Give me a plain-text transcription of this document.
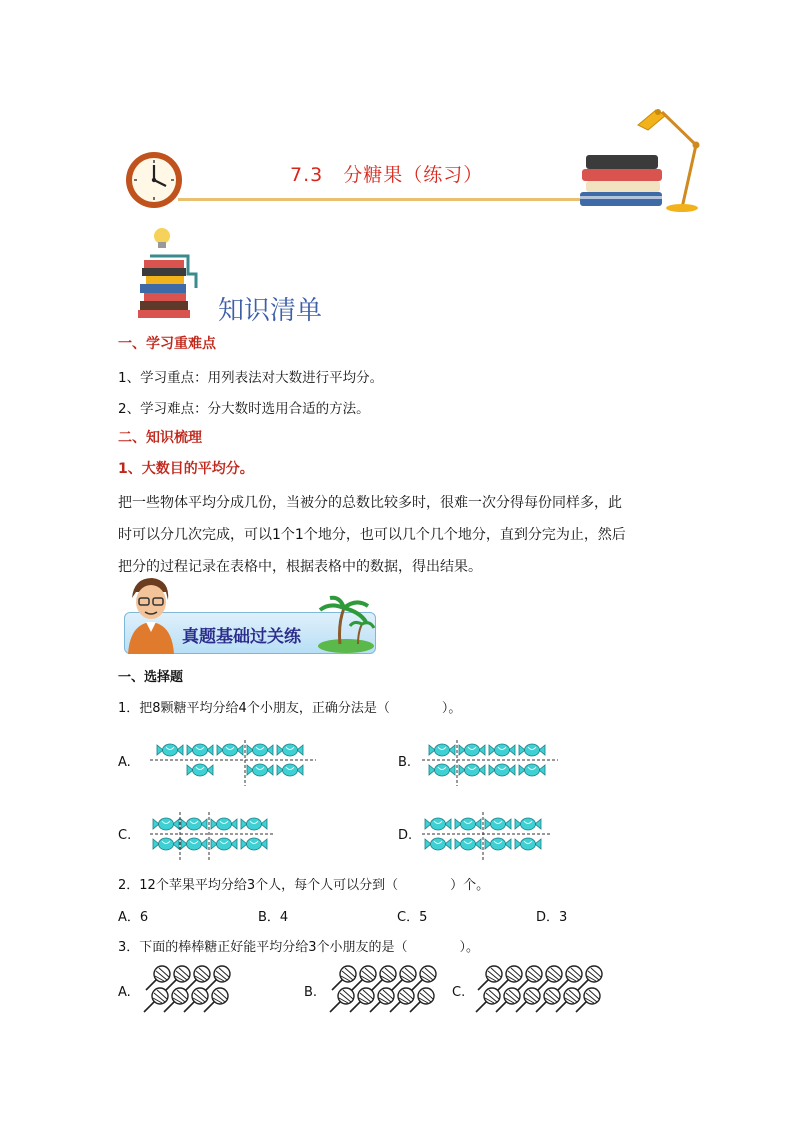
7.3　分糖果（练习）
知识清单
一、学习重难点
1、学习重点：用列表法对大数进行平均分。
2、学习难点：分大数时选用合适的方法。
二、知识梳理
1、大数目的平均分。
把一些物体平均分成几份，当被分的总数比较多时，很难一次分得每份同样多，此
时可以分几次完成，可以1个1个地分，也可以几个几个地分，直到分完为止，然后
把分的过程记录在表格中，根据表格中的数据，得出结果。
真题基础过关练
一、选择题
1．把8颗糖平均分给4个小朋友，正确分法是（　　　　）。
A.	B.
C.	D.
2．12个苹果平均分给3个人，每个人可以分到（　　　　）个。
A．6	B．4	C．5	D．3
3．下面的棒棒糖正好能平均分给3个小朋友的是（　　　　）。
A.	B.	C.
